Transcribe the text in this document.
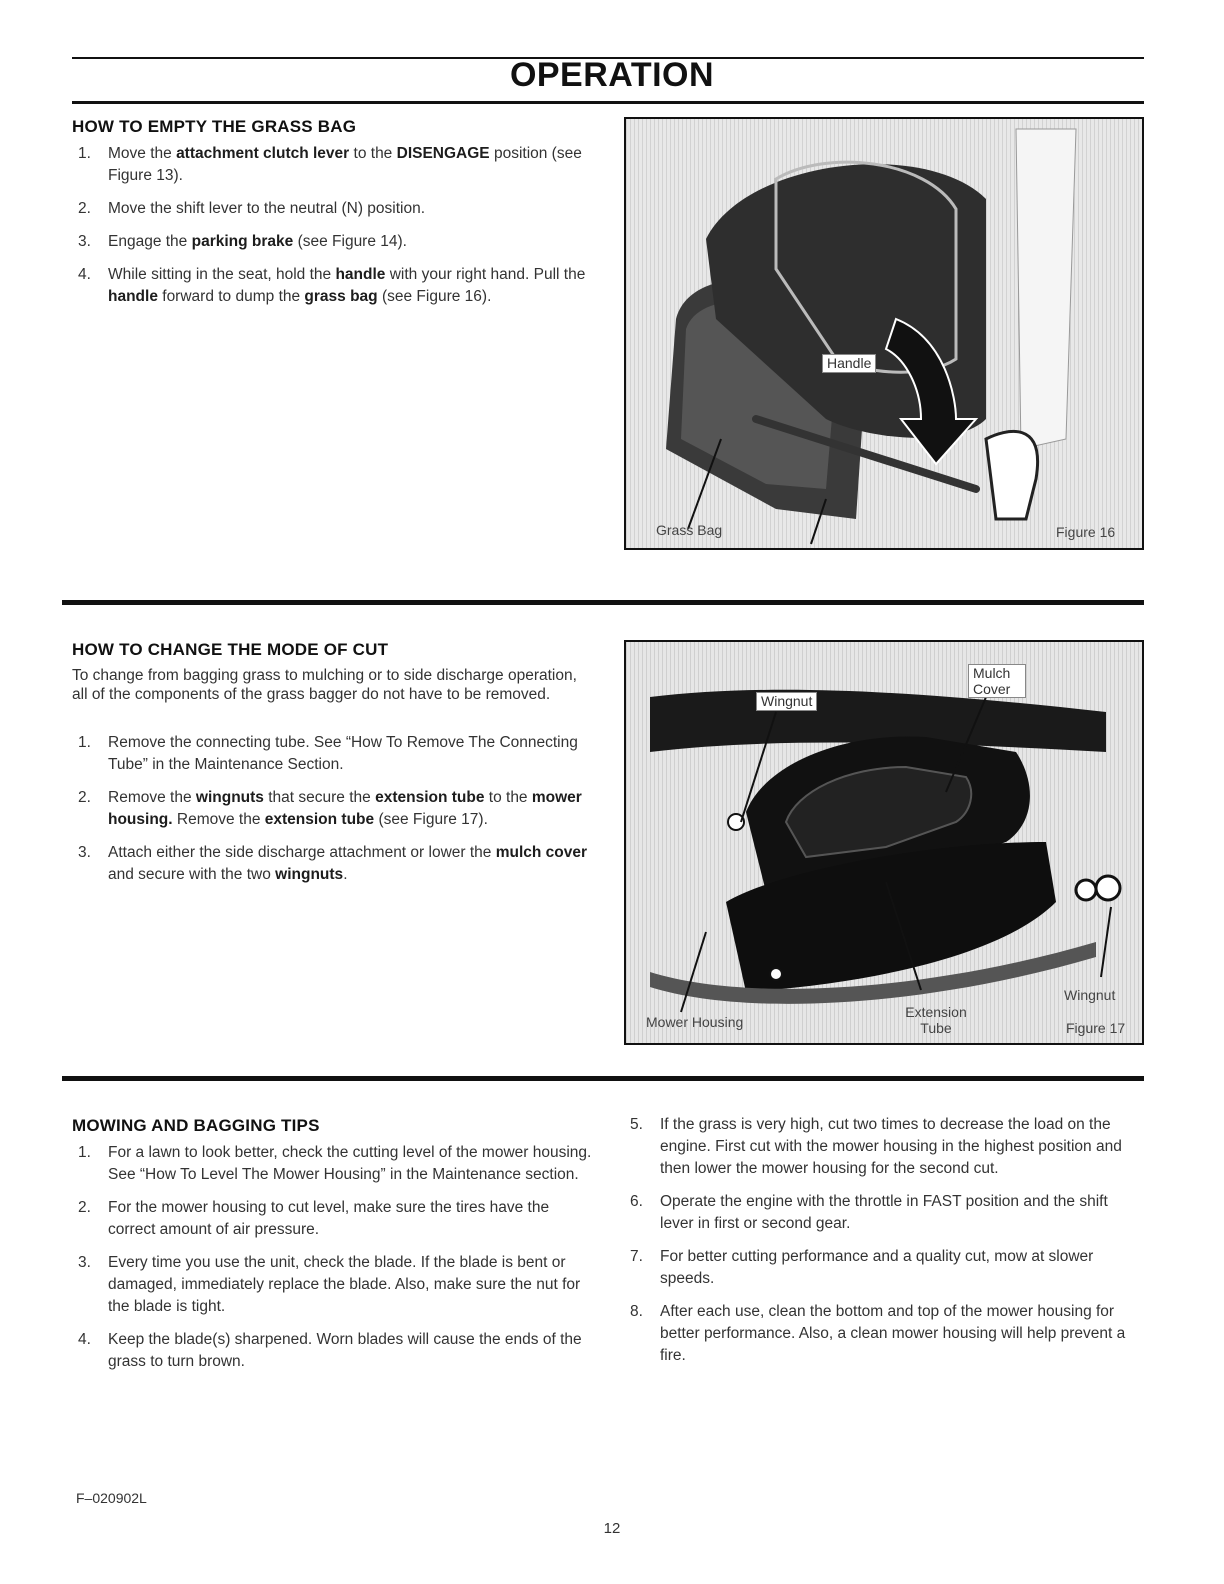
OPERATION
HOW TO EMPTY THE GRASS BAG
1. Move the attachment clutch lever to the DISENGAGE position (see Figure 13).
2. Move the shift lever to the neutral (N) position.
3. Engage the parking brake (see Figure 14).
4. While sitting in the seat, hold the handle with your right hand. Pull the handle forward to dump the grass bag (see Figure 16).
Handle
Grass Bag	Figure 16
HOW TO CHANGE THE MODE OF CUT
To change from bagging grass to mulching or to side discharge operation, all of the components of the grass bagger do not have to be removed.
1. Remove the connecting tube. See “How To Remove The Connecting Tube” in the Maintenance Section.
2. Remove the wingnuts that secure the extension tube to the mower housing. Remove the extension tube (see Figure 17).
3. Attach either the side discharge attachment or lower the mulch cover and secure with the two wingnuts.
Wingnut
Mulch Cover
Wingnut
Extension Tube
Mower Housing	Figure 17
MOWING AND BAGGING TIPS
1. For a lawn to look better, check the cutting level of the mower housing. See “How To Level The Mower Housing” in the Maintenance section.
2. For the mower housing to cut level, make sure the tires have the correct amount of air pressure.
3. Every time you use the unit, check the blade. If the blade is bent or damaged, immediately replace the blade. Also, make sure the nut for the blade is tight.
4. Keep the blade(s) sharpened. Worn blades will cause the ends of the grass to turn brown.
5. If the grass is very high, cut two times to decrease the load on the engine. First cut with the mower housing in the highest position and then lower the mower housing for the second cut.
6. Operate the engine with the throttle in FAST position and the shift lever in first or second gear.
7. For better cutting performance and a quality cut, mow at slower speeds.
8. After each use, clean the bottom and top of the mower housing for better performance. Also, a clean mower housing will help prevent a fire.
F–020902L
12
